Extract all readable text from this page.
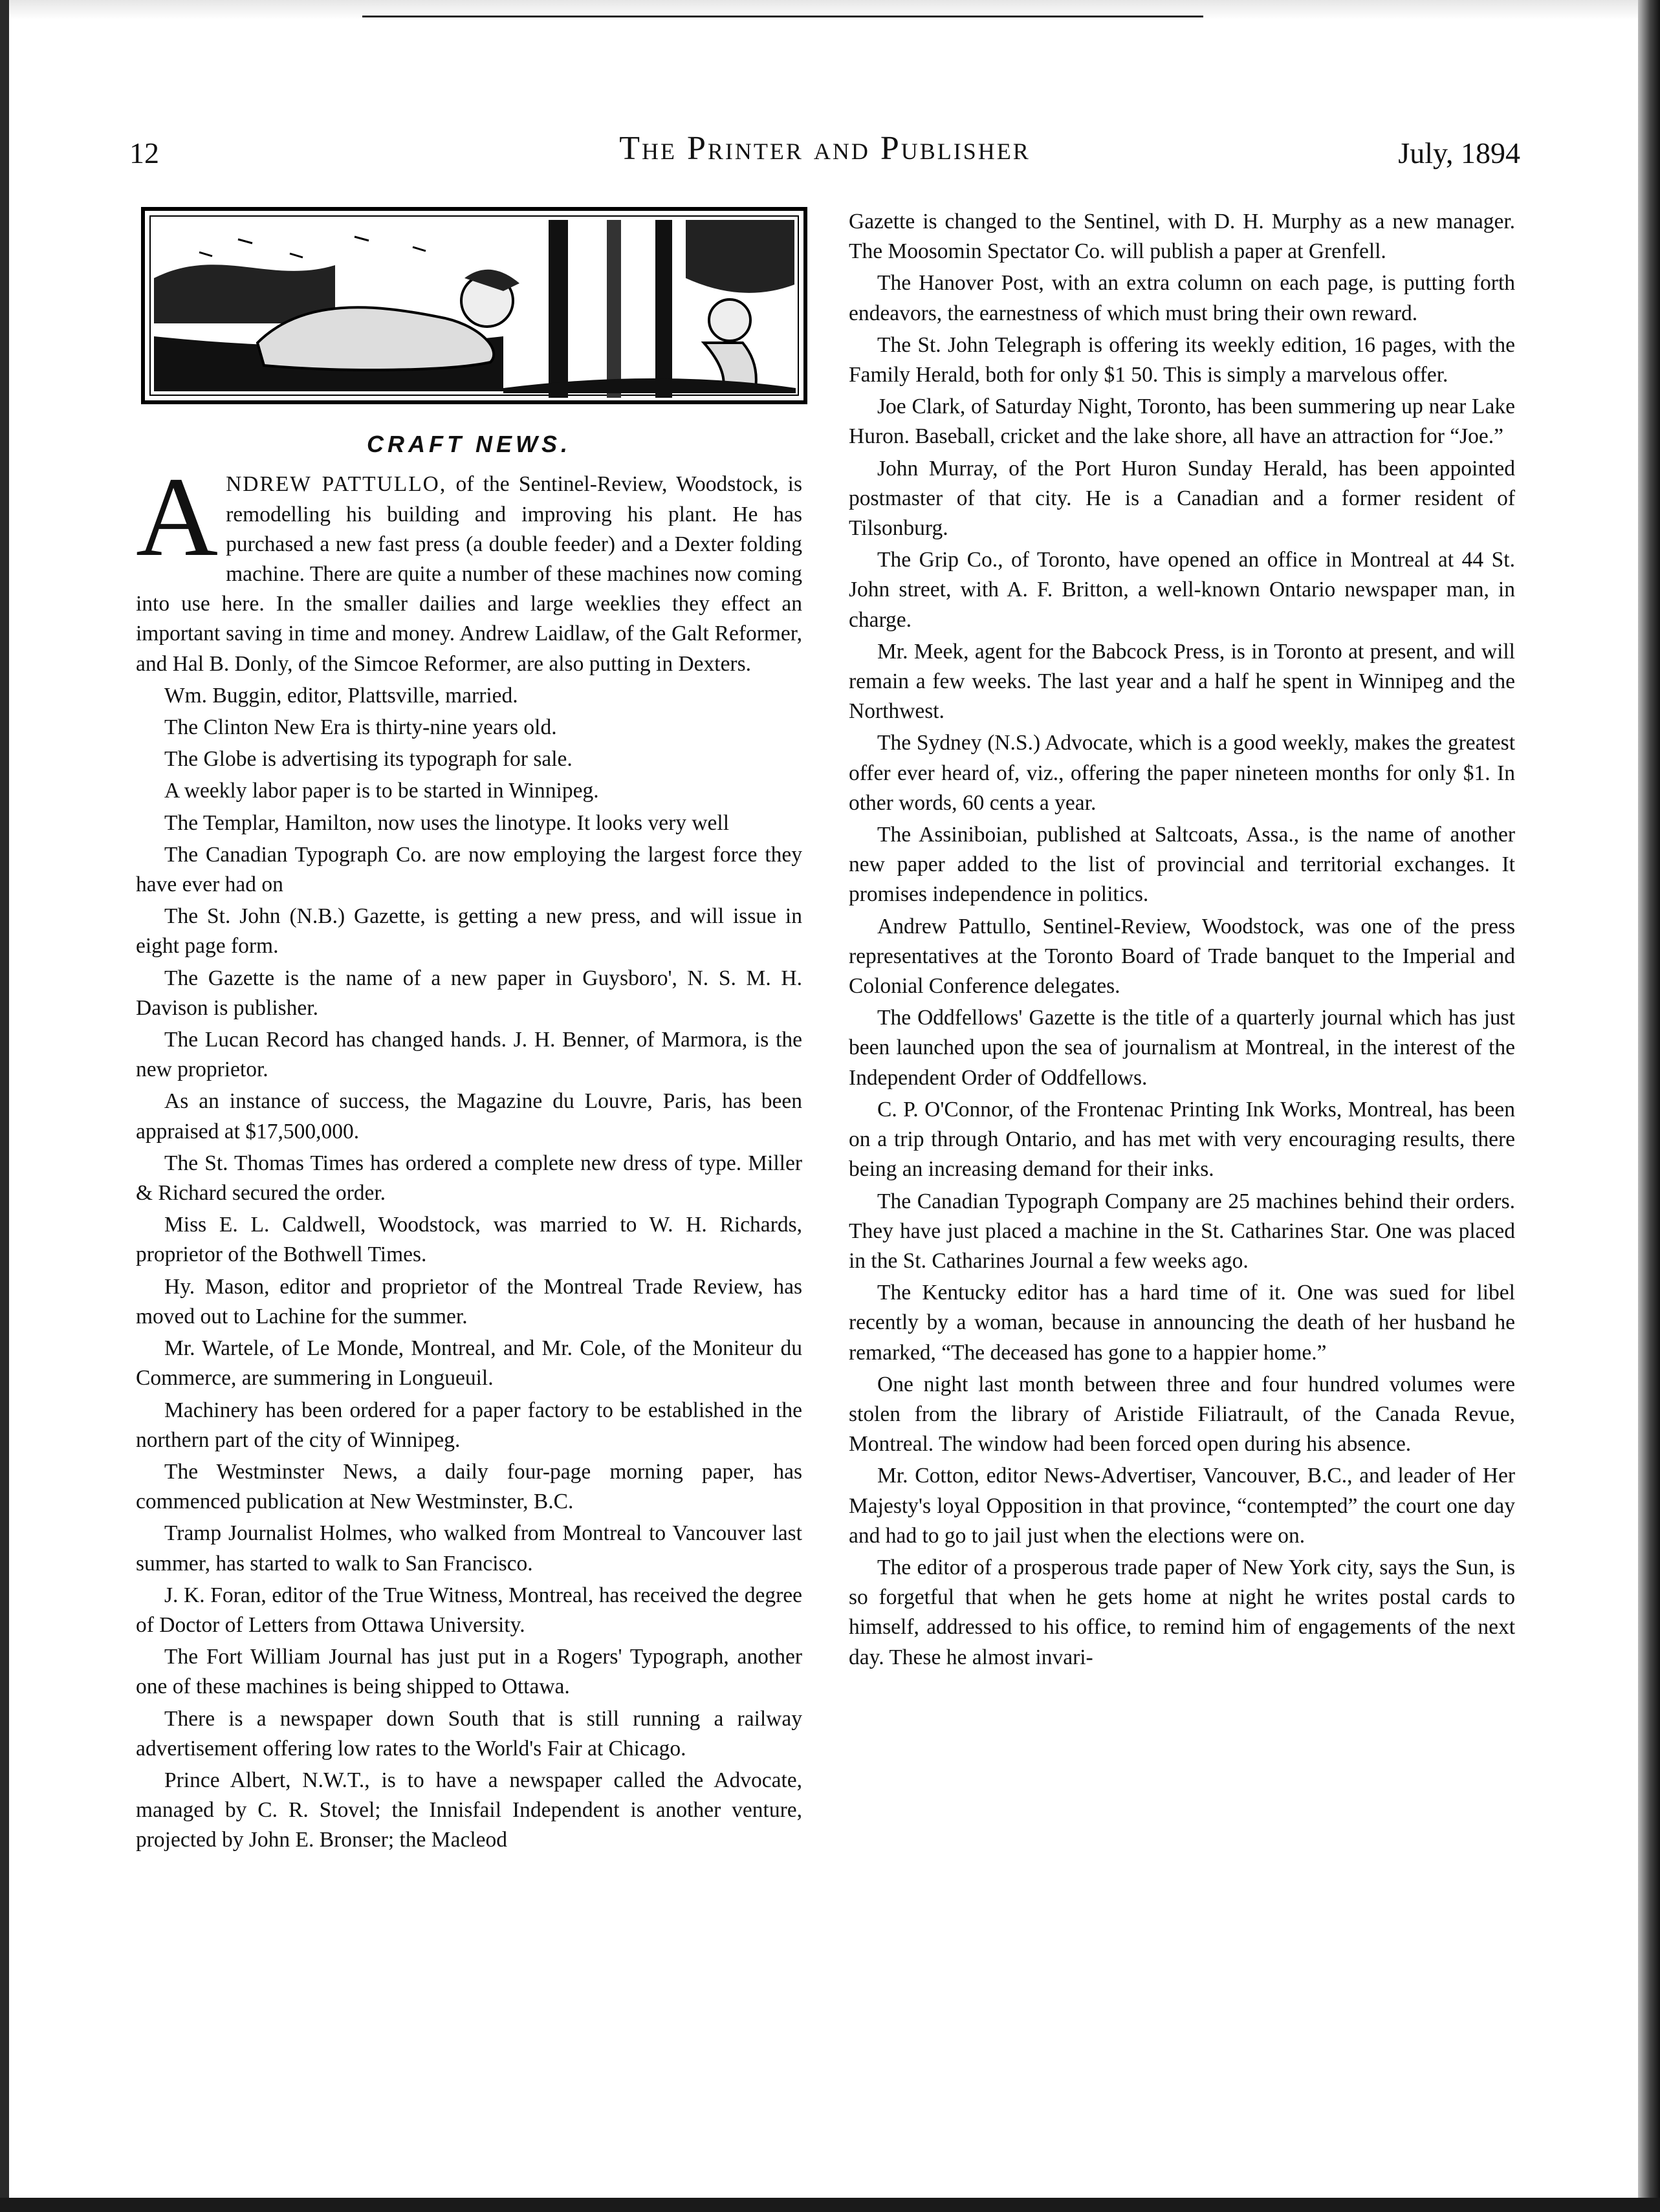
12	The Printer and Publisher	July, 1894
CRAFT NEWS.

ANDREW PATTULLO, of the Sentinel-Review, Woodstock, is remodelling his building and improving his plant. He has purchased a new fast press (a double feeder) and a Dexter folding machine. There are quite a number of these machines now coming into use here. In the smaller dailies and large weeklies they effect an important saving in time and money. Andrew Laidlaw, of the Galt Reformer, and Hal B. Donly, of the Simcoe Reformer, are also putting in Dexters.

Wm. Buggin, editor, Plattsville, married.

The Clinton New Era is thirty-nine years old.

The Globe is advertising its typograph for sale.

A weekly labor paper is to be started in Winnipeg.

The Templar, Hamilton, now uses the linotype. It looks very well

The Canadian Typograph Co. are now employing the largest force they have ever had on

The St. John (N.B.) Gazette, is getting a new press, and will issue in eight page form.

The Gazette is the name of a new paper in Guysboro', N. S. M. H. Davison is publisher.

The Lucan Record has changed hands. J. H. Benner, of Marmora, is the new proprietor.

As an instance of success, the Magazine du Louvre, Paris, has been appraised at $17,500,000.

The St. Thomas Times has ordered a complete new dress of type. Miller & Richard secured the order.

Miss E. L. Caldwell, Woodstock, was married to W. H. Richards, proprietor of the Bothwell Times.

Hy. Mason, editor and proprietor of the Montreal Trade Review, has moved out to Lachine for the summer.

Mr. Wartele, of Le Monde, Montreal, and Mr. Cole, of the Moniteur du Commerce, are summering in Longueuil.

Machinery has been ordered for a paper factory to be established in the northern part of the city of Winnipeg.

The Westminster News, a daily four-page morning paper, has commenced publication at New Westminster, B.C.

Tramp Journalist Holmes, who walked from Montreal to Vancouver last summer, has started to walk to San Francisco.

J. K. Foran, editor of the True Witness, Montreal, has received the degree of Doctor of Letters from Ottawa University.

The Fort William Journal has just put in a Rogers' Typograph, another one of these machines is being shipped to Ottawa.

There is a newspaper down South that is still running a railway advertisement offering low rates to the World's Fair at Chicago.

Prince Albert, N.W.T., is to have a newspaper called the Advocate, managed by C. R. Stovel; the Innisfail Independent is another venture, projected by John E. Bronser; the Macleod

Gazette is changed to the Sentinel, with D. H. Murphy as a new manager. The Moosomin Spectator Co. will publish a paper at Grenfell.

The Hanover Post, with an extra column on each page, is putting forth endeavors, the earnestness of which must bring their own reward.

The St. John Telegraph is offering its weekly edition, 16 pages, with the Family Herald, both for only $1 50. This is simply a marvelous offer.

Joe Clark, of Saturday Night, Toronto, has been summering up near Lake Huron. Baseball, cricket and the lake shore, all have an attraction for “Joe.”

John Murray, of the Port Huron Sunday Herald, has been appointed postmaster of that city. He is a Canadian and a former resident of Tilsonburg.

The Grip Co., of Toronto, have opened an office in Montreal at 44 St. John street, with A. F. Britton, a well-known Ontario newspaper man, in charge.

Mr. Meek, agent for the Babcock Press, is in Toronto at present, and will remain a few weeks. The last year and a half he spent in Winnipeg and the Northwest.

The Sydney (N.S.) Advocate, which is a good weekly, makes the greatest offer ever heard of, viz., offering the paper nineteen months for only $1. In other words, 60 cents a year.

The Assiniboian, published at Saltcoats, Assa., is the name of another new paper added to the list of provincial and territorial exchanges. It promises independence in politics.

Andrew Pattullo, Sentinel-Review, Woodstock, was one of the press representatives at the Toronto Board of Trade banquet to the Imperial and Colonial Conference delegates.

The Oddfellows' Gazette is the title of a quarterly journal which has just been launched upon the sea of journalism at Montreal, in the interest of the Independent Order of Oddfellows.

C. P. O'Connor, of the Frontenac Printing Ink Works, Montreal, has been on a trip through Ontario, and has met with very encouraging results, there being an increasing demand for their inks.

The Canadian Typograph Company are 25 machines behind their orders. They have just placed a machine in the St. Catharines Star. One was placed in the St. Catharines Journal a few weeks ago.

The Kentucky editor has a hard time of it. One was sued for libel recently by a woman, because in announcing the death of her husband he remarked, “The deceased has gone to a happier home.”

One night last month between three and four hundred volumes were stolen from the library of Aristide Filiatrault, of the Canada Revue, Montreal. The window had been forced open during his absence.

Mr. Cotton, editor News-Advertiser, Vancouver, B.C., and leader of Her Majesty's loyal Opposition in that province, “contempted” the court one day and had to go to jail just when the elections were on.

The editor of a prosperous trade paper of New York city, says the Sun, is so forgetful that when he gets home at night he writes postal cards to himself, addressed to his office, to remind him of engagements of the next day. These he almost invari-
